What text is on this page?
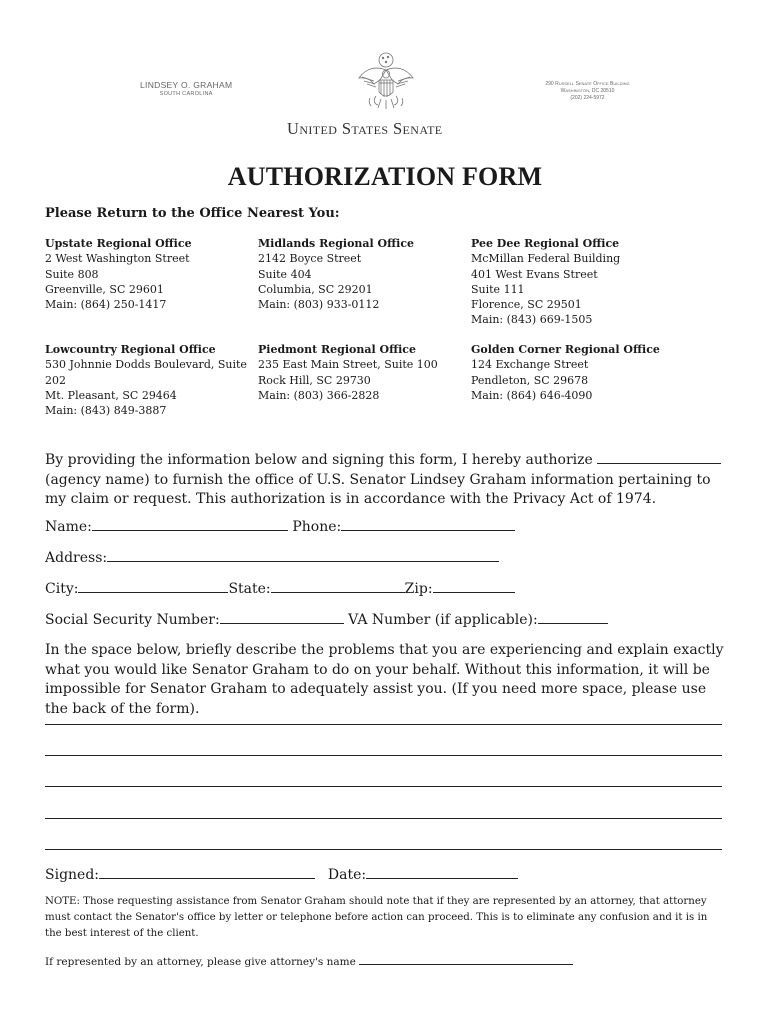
LINDSEY O. GRAHAM
SOUTH CAROLINA
290 Russell Senate Office Building
Washington, DC 20510
(202) 224-5972
United States Senate
AUTHORIZATION FORM
Please Return to the Office Nearest You:
Upstate Regional Office
2 West Washington Street
Suite 808
Greenville, SC 29601
Main: (864) 250-1417
Midlands Regional Office
2142 Boyce Street
Suite 404
Columbia, SC 29201
Main: (803) 933-0112
Pee Dee Regional Office
McMillan Federal Building
401 West Evans Street
Suite 111
Florence, SC 29501
Main: (843) 669-1505
Lowcountry Regional Office
530 Johnnie Dodds Boulevard, Suite
202
Mt. Pleasant, SC 29464
Main: (843) 849-3887
Piedmont Regional Office
235 East Main Street, Suite 100
Rock Hill, SC 29730
Main: (803) 366-2828
Golden Corner Regional Office
124 Exchange Street
Pendleton, SC 29678
Main: (864) 646-4090
By providing the information below and signing this form, I hereby authorize  (agency name) to furnish the office of U.S. Senator Lindsey Graham information pertaining to my claim or request. This authorization is in accordance with the Privacy Act of 1974.
Name:	Phone:
Address:
City:	State:	Zip:
Social Security Number:	VA Number (if applicable):
In the space below, briefly describe the problems that you are experiencing and explain exactly what you would like Senator Graham to do on your behalf. Without this information, it will be impossible for Senator Graham to adequately assist you. (If you need more space, please use the back of the form).
Signed:	Date:
NOTE: Those requesting assistance from Senator Graham should note that if they are represented by an attorney, that attorney must contact the Senator's office by letter or telephone before action can proceed. This is to eliminate any confusion and it is in the best interest of the client.
If represented by an attorney, please give attorney's name
